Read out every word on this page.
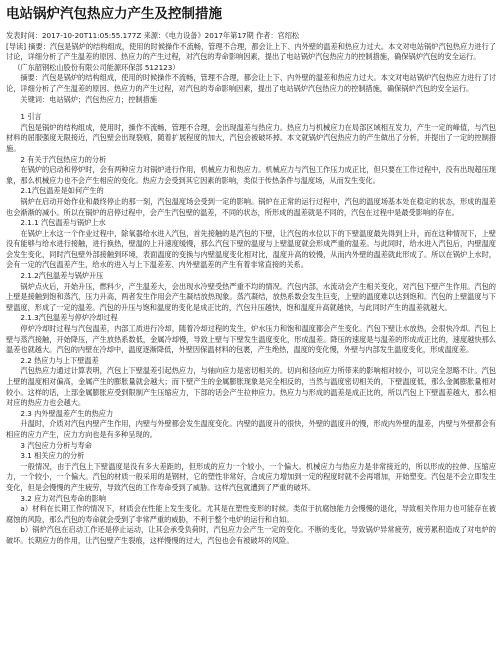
电站锅炉汽包热应力产生及控制措施
发表时间：2017-10-20T11:05:55.177Z 来源：《电力设备》2017年第17期 作者：官绍松

[导读] 摘要：汽包是锅炉的结构组成，使用的时候操作不流畅，管理不合理，都会让上下、内外壁的温差和热应力过大。本文对电站锅炉汽包热应力进行了讨论，详细分析了产生温差的原因、热应力的产生过程，对汽包的寿命影响因素，提出了电站锅炉汽包热应力的控制措施，确保锅炉汽包的安全运行。

（广东韶钢松山股份有限公司能源环保部 512123）

摘要：汽包是锅炉的结构组成，使用的时候操作不流畅，管理不合理，都会让上下、内外壁的温差和热应力过大。本文对电站锅炉汽包热应力进行了讨论，详细分析了产生温差的原因、热应力的产生过程，对汽包的寿命影响因素，提出了电站锅炉汽包热应力的控制措施，确保锅炉汽包的安全运行。

关键词：电站锅炉；汽包热应力；控制措施

1 引言

汽包是锅炉的结构组成，使用时，操作不流畅，管理不合理，会出现温差与热应力。热应力与机械应力在局部区域相互发力，产生一定的峰值，与汽包材料的屈服强度无限接近，汽包壁会出现裂痕，随着扩展程度的加大，汽包会被破坏掉。本文就锅炉汽包热应力的产生做出了分析，并提出了一定的控制措施。

2 有关于汽包热应力的分析

在锅炉的启动和停炉时，会有两种应力对锅炉进行作用，机械应力和热应力。机械应力与汽包工作压力成正比，但只要在工作过程中，没有出现超压现象，那么机械应力也不会产生相应的变化。热应力会受到其它因素的影响，类似于传热条件与温度场，从而发生变化。

2.1汽包温差是如何产生的

锅炉在启动开始作业和最终停止的那一刻，汽包温度场会受到一定的影响。锅炉在正常的运行过程中，汽包的温度场基本处在稳定的状态，形成的温差也会渐渐的减小。所以在锅炉的启停过程中，会产生汽包壁的温差，不同的状态，所形成的温差就是不同的，汽包在过程中是最受影响的存在。

2.1.1 汽包温差与锅炉上水

在锅炉上水这一个作业过程中，除氧器给水进入汽包，首先接触的是汽包的下壁，让汽包的水位以下的下壁温度最先得到上升，而在这种情况下，上壁没有能够与给水进行接触，进行换热，壁温的上升速度缓慢，那么汽包下壁的温度与上壁温度就会形成严重的温差。与此同时，给水进入汽包后，内壁温度会发生变化，同时汽包壁外部接触到环境，表面温度的变换与内壁温度变化相对比，温度升高的较慢，从而内外壁的温差就此形成了。所以在锅炉上水时，会有一定的汽包温差产生，给水的进入与上下温差差、内外壁温差的产生有着非常直接的关系。

2.1.2汽包温差与锅炉升压

锅炉点火后，开始升压，燃料少，产生温差大，会出现水冷壁受热严重不均的情况。汽包内部，水流动会产生相关变化，对汽包下壁产生作用。汽包的上壁是接触到饱和蒸汽，压力升高，两者发生作用会产生凝结放热现象。蒸汽凝结，放热系数会发生巨变，上壁的温度难以达到饱和。汽包的上壁温度与下壁温度，形成了一定的温差。汽包的升压与饱和温度的变化是成正比的，汽包升压越快，饱和温度升高就越快，与此同时产生的温差就越大。

2.1.3汽包温差与停炉冷却过程

停炉冷却时过程与汽包温差，内部工质进行冷却，随着冷却过程的发生，炉水压力和饱和温度都会产生变化。汽包下壁让水放热，会很快冷却。汽包上壁与蒸汽接触，开始降压，产生放热系数低，金属冷却慢，导致上壁与下壁发生温度变化，形成温差。降压的速度是与温差的形成成正比的，速度越快那么温差也就越大。汽包的内壁在冷却中，温度逐渐降低，外壁因保温材料的包裹，产生绝热，温度的变化慢，外壁与内部发生温度变化，形成温度差。

2.2 热应力与上下壁温差

汽包热应力通过计算表明，汽包上下壁温差引起热应力，与轴向应力是密切相关的。切向和径向应力所带来的影响相对较小，可以完全忽略不计。汽包上壁的温度相对偏高，金属产生的膨胀量就会越大；而下壁产生的金属膨胀现象是完全相反的，当然与温度密切相关的，下壁温度低，那么金属膨胀量相对较小。这样的话，上部金属膨胀应受到限制产生压缩应力，下部的话会产生拉伸应力。热应力与形成的温差是成正比的，所以汽包上下壁温差越大，那么相对应的热应力也会越大。

2.3 内外壁温差产生的热应力

升温时，介质对汽包内壁产生作用，内壁与外壁都会发生温度变化。内壁的温度升的很快，外壁的温度升的慢，形成内外壁的温差，内壁与外壁都会有相应的应力产生，应力方向也是有多种呈现的。

3 汽包应力分析与寿命

3.1 相关应力的分析

一般情况，由于汽包上下壁温度是没有多大差距的，但形成的应力一个较小，一个偏大。机械应力与热应力是非常接近的，所以形成的拉伸、压缩应力，一个较小，一个偏大。汽包的材质一般采用的是钢材，它的塑性非常好，合成应力增加到一定的程度时就不会再增加，开始塑变。汽包是不会立即发生变化，但是会慢慢的产生疲劳，导致汽包的工作寿命受到了威胁。这样汽包就遭到了严重的破坏。

3.2 应力对汽包寿命的影响

a）材料在长期工作的情况下，材质会在性能上发生变化。尤其是在塑性变形的时候。类似于抗腐蚀能力会慢慢的退化，导致相关作用力也可能存在被腐蚀的风险，那么汽包的寿命就会受到了非常严重的威胁，不利于整个电炉的运行和自如。

b）锅炉汽包在启动工作还是停止运动，让其会承受负荷时，汽包应力会产生一定的变化。不断的变化，导致锅炉异常疲劳，疲劳累积造成了对电炉的破坏。长期应力的作用，让汽包壁产生裂痕，这样慢慢的过大，汽包也会有被破坏的风险。
